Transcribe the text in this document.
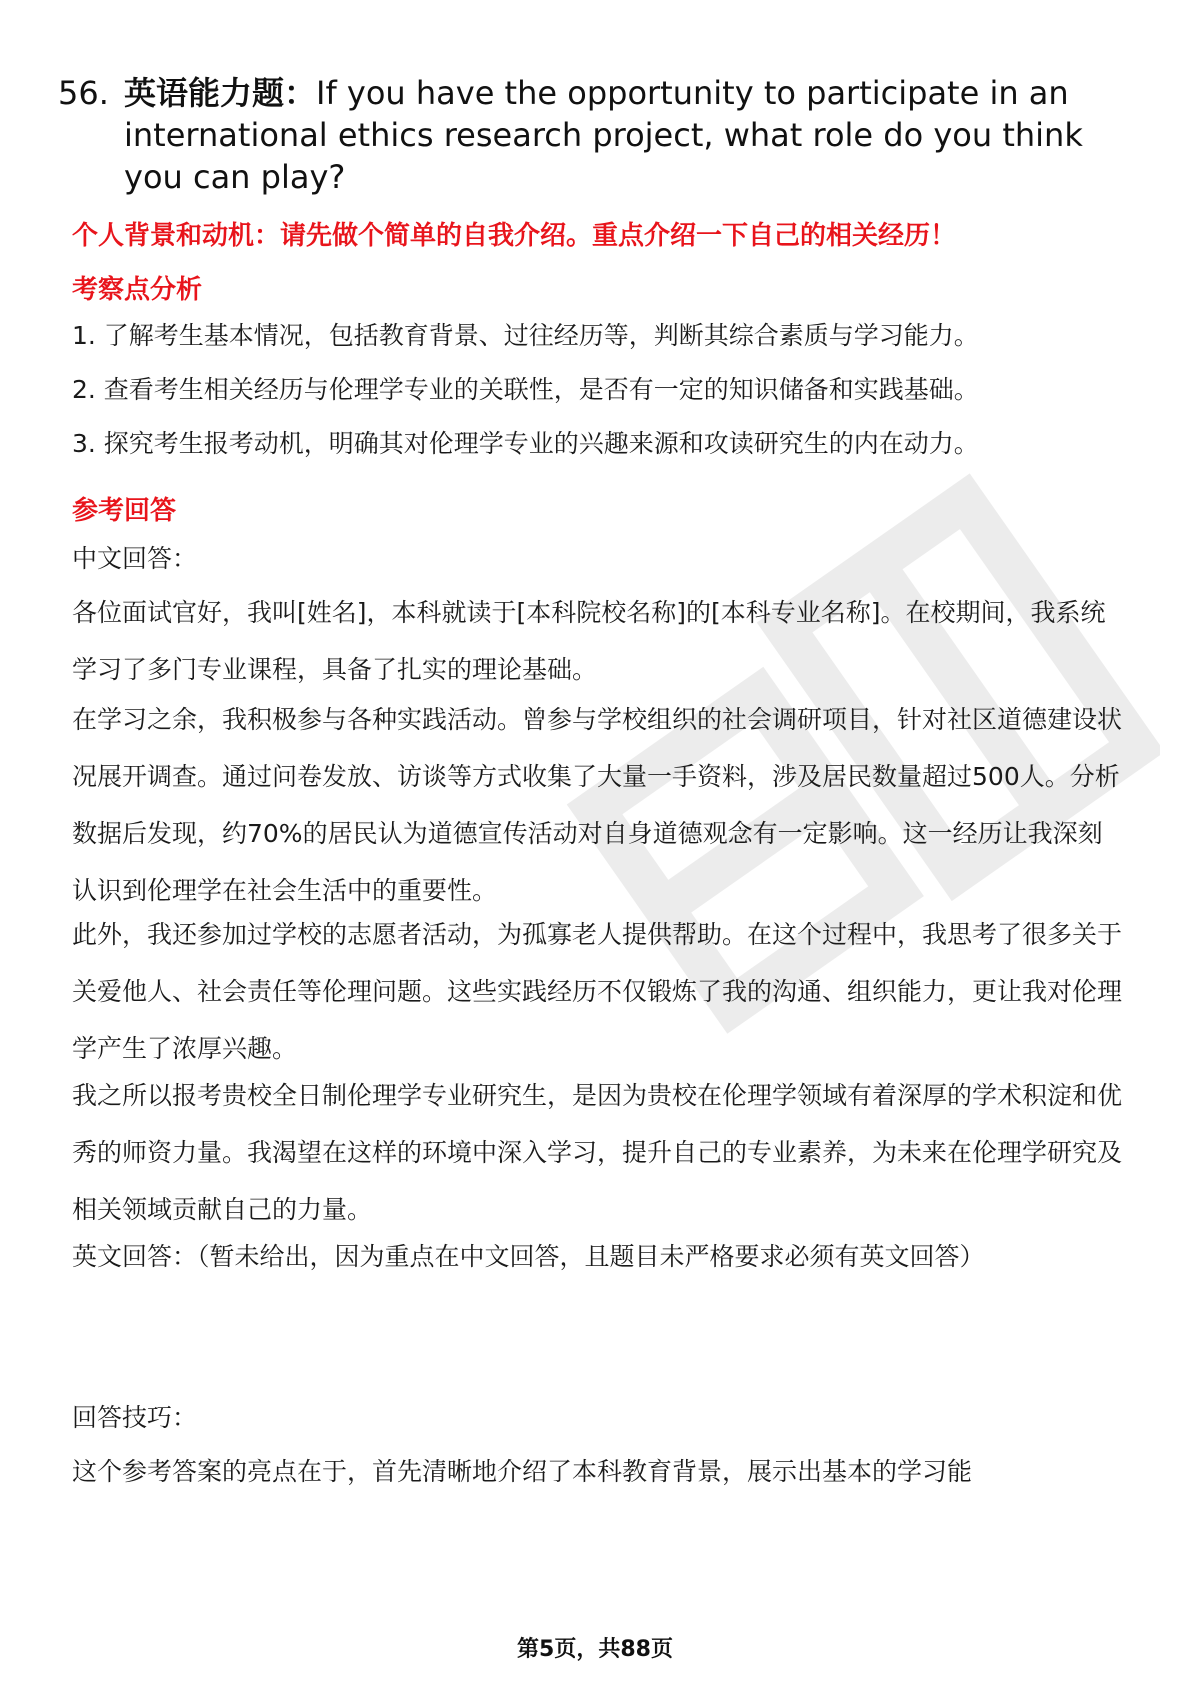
56. 英语能力题：If you have the opportunity to participate in an international ethics research project, what role do you think you can play?
个人背景和动机：请先做个简单的自我介绍。重点介绍一下自己的相关经历！
考察点分析
1. 了解考生基本情况，包括教育背景、过往经历等，判断其综合素质与学习能力。
2. 查看考生相关经历与伦理学专业的关联性，是否有一定的知识储备和实践基础。
3. 探究考生报考动机，明确其对伦理学专业的兴趣来源和攻读研究生的内在动力。
参考回答
中文回答：
各位面试官好，我叫[姓名]，本科就读于[本科院校名称]的[本科专业名称]。在校期间，我系统学习了多门专业课程，具备了扎实的理论基础。
在学习之余，我积极参与各种实践活动。曾参与学校组织的社会调研项目，针对社区道德建设状况展开调查。通过问卷发放、访谈等方式收集了大量一手资料，涉及居民数量超过500人。分析数据后发现，约70%的居民认为道德宣传活动对自身道德观念有一定影响。这一经历让我深刻认识到伦理学在社会生活中的重要性。
此外，我还参加过学校的志愿者活动，为孤寡老人提供帮助。在这个过程中，我思考了很多关于关爱他人、社会责任等伦理问题。这些实践经历不仅锻炼了我的沟通、组织能力，更让我对伦理学产生了浓厚兴趣。
我之所以报考贵校全日制伦理学专业研究生，是因为贵校在伦理学领域有着深厚的学术积淀和优秀的师资力量。我渴望在这样的环境中深入学习，提升自己的专业素养，为未来在伦理学研究及相关领域贡献自己的力量。
英文回答：（暂未给出，因为重点在中文回答，且题目未严格要求必须有英文回答）
回答技巧：
这个参考答案的亮点在于，首先清晰地介绍了本科教育背景，展示出基本的学习能
第5页，共88页
